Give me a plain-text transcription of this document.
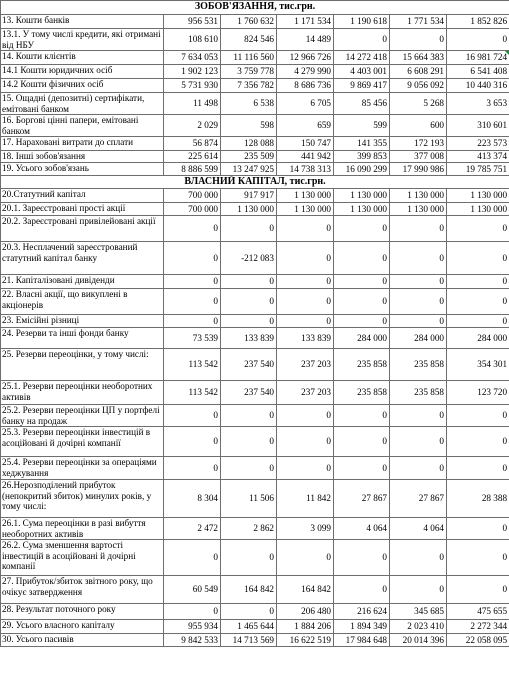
ЗОБОВ'ЯЗАННЯ, тис.грн.						
13. Кошти банків	956 531	1 760 632	1 171 534	1 190 618	1 771 534	1 852 826
13.1. У тому числі кредити, які отримані від НБУ	108 610	824 546	14 489	0	0	0
14. Кошти клієнтів	7 634 053	11 116 560	12 966 726	14 272 418	15 664 383	16 981 724
14.1 Кошти юридичних осіб	1 902 123	3 759 778	4 279 990	4 403 001	6 608 291	6 541 408
14.2 Кошти фізичних осіб	5 731 930	7 356 782	8 686 736	9 869 417	9 056 092	10 440 316
15. Ощадні (депозитні) сертифікати, емітовані банком	11 498	6 538	6 705	85 456	5 268	3 653
16. Боргові цінні папери, емітовані банком	2 029	598	659	599	600	310 601
17. Нараховані витрати до сплати	56 874	128 088	150 747	141 355	172 193	223 573
18. Інші зобов'язання	225 614	235 509	441 942	399 853	377 008	413 374
19. Усього зобов'язань	8 886 599	13 247 925	14 738 313	16 090 299	17 990 986	19 785 751
ВЛАСНИЙ КАПІТАЛ, тис.грн.						
20.Статутний капітал	700 000	917 917	1 130 000	1 130 000	1 130 000	1 130 000
20.1. Зареєстровані прості акції	700 000	1 130 000	1 130 000	1 130 000	1 130 000	1 130 000
20.2. Зареєстровані привілейовані акції	0	0	0	0	0	0
20.3. Несплачений зареєстрований статутний капітал банку	0	-212 083	0	0	0	0
21. Капіталізовані дивіденди	0	0	0	0	0	0
22. Власні акції, що викуплені в акціонерів	0	0	0	0	0	0
23. Емісійні різниці	0	0	0	0	0	0
24. Резерви та інші фонди банку	73 539	133 839	133 839	284 000	284 000	284 000
25. Резерви переоцінки, у тому числі:	113 542	237 540	237 203	235 858	235 858	354 301
25.1. Резерви переоцінки необоротних активів	113 542	237 540	237 203	235 858	235 858	123 720
25.2. Резерви переоцінки ЦП у портфелі банку на продаж	0	0	0	0	0	0
25.3. Резерви переоцінки інвестицій в асоційовані й дочірні компанії	0	0	0	0	0	0
25.4. Резерви переоцінки за операціями хеджування	0	0	0	0	0	0
26.Нерозподілений прибуток (непокритий збиток) минулих років, у тому числі:	8 304	11 506	11 842	27 867	27 867	28 388
26.1. Сума переоцінки в разі вибуття необоротних активів	2 472	2 862	3 099	4 064	4 064	0
26.2. Сума зменшення вартості інвестицій в асоційовані й дочірні компанії	0	0	0	0	0	0
27. Прибуток/збиток звітного року, що очікує затвердження	60 549	164 842	164 842	0	0	0
28. Результат поточного року	0	0	206 480	216 624	345 685	475 655
29. Усього власного капіталу	955 934	1 465 644	1 884 206	1 894 349	2 023 410	2 272 344
30. Усього пасивів	9 842 533	14 713 569	16 622 519	17 984 648	20 014 396	22 058 095
